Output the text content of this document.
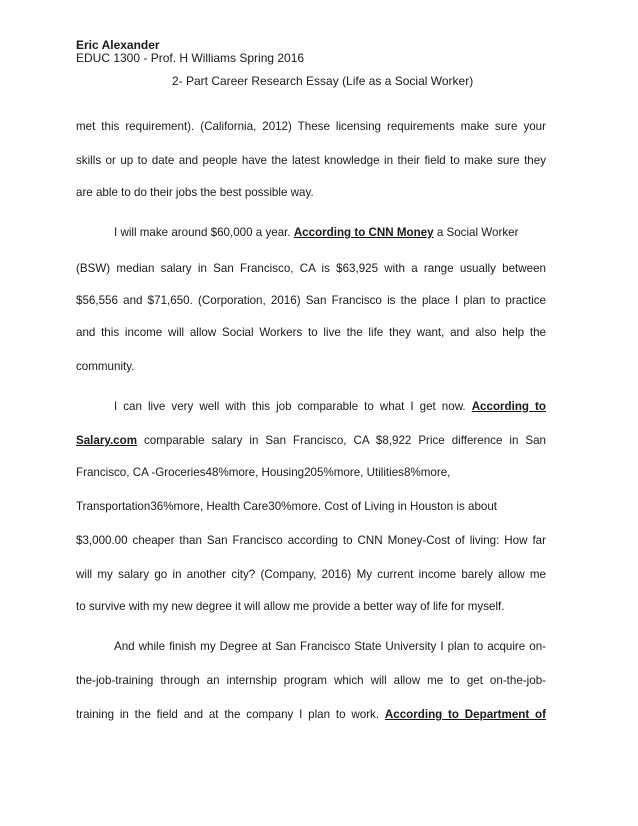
Eric Alexander
EDUC 1300 - Prof. H Williams Spring 2016
2- Part Career Research Essay (Life as a Social Worker)
met this requirement). (California, 2012) These licensing requirements make sure your
skills or up to date and people have the latest knowledge in their field to make sure they
are able to do their jobs the best possible way.
I will make around $60,000 a year. According to CNN Money a Social Worker
(BSW) median salary in San Francisco, CA is $63,925 with a range usually between
$56,556 and $71,650. (Corporation, 2016) San Francisco is the place I plan to practice
and this income will allow Social Workers to live the life they want, and also help the
community.
I can live very well with this job comparable to what I get now. According to
Salary.com comparable salary in San Francisco, CA $8,922 Price difference in San
Francisco, CA -Groceries48%more, Housing205%more, Utilities8%more,
Transportation36%more, Health Care30%more. Cost of Living in Houston is about
$3,000.00 cheaper than San Francisco according to CNN Money-Cost of living: How far
will my salary go in another city? (Company, 2016) My current income barely allow me
to survive with my new degree it will allow me provide a better way of life for myself.
And while finish my Degree at San Francisco State University I plan to acquire on-
the-job-training through an internship program which will allow me to get on-the-job-
training in the field and at the company I plan to work. According to Department of
